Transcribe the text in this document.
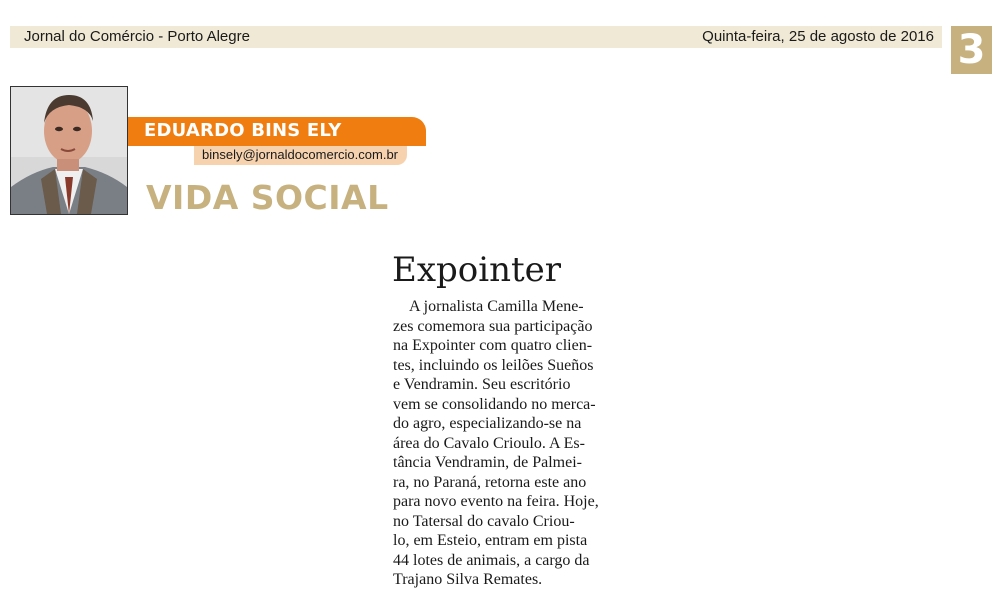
Jornal do Comércio - Porto Alegre	Quinta-feira, 25 de agosto de 2016 3
EDUARDO BINS ELY
binsely@jornaldocomercio.com.br
VIDA SOCIAL
Expointer
A jornalista Camilla Mene-
zes comemora sua participação
na Expointer com quatro clien-
tes, incluindo os leilões Sueños
e Vendramin. Seu escritório
vem se consolidando no merca-
do agro, especializando-se na
área do Cavalo Crioulo. A Es-
tância Vendramin, de Palmei-
ra, no Paraná, retorna este ano
para novo evento na feira. Hoje,
no Tatersal do cavalo Criou-
lo, em Esteio, entram em pista
44 lotes de animais, a cargo da
Trajano Silva Remates.
